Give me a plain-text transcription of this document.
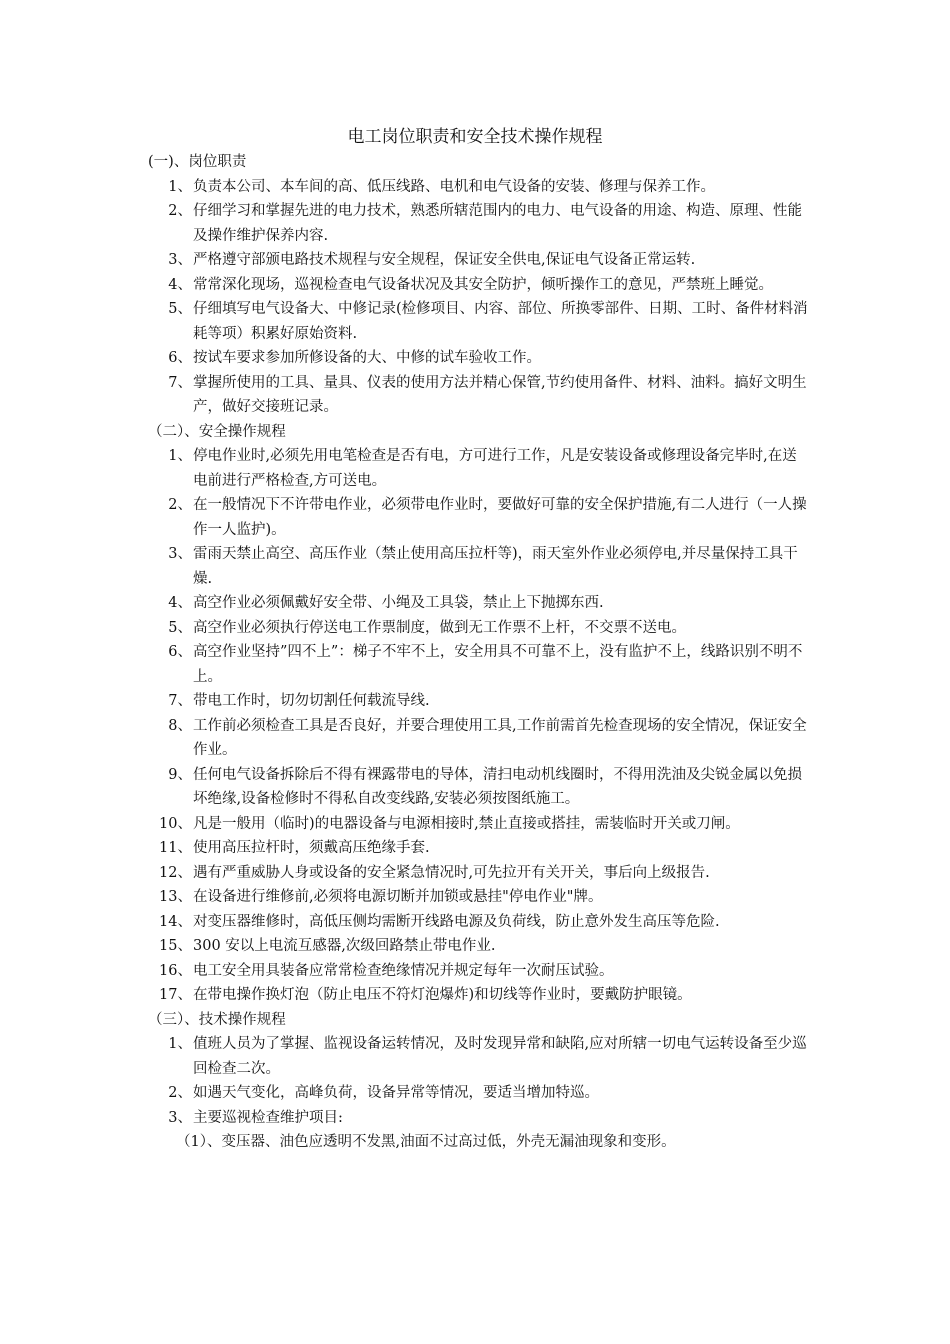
电工岗位职责和安全技术操作规程
(一)、岗位职责
1、 负责本公司、本车间的高、低压线路、电机和电气设备的安装、修理与保养工作。
2、 仔细学习和掌握先进的电力技术，熟悉所辖范围内的电力、电气设备的用途、构造、原理、性能及操作维护保养内容.
3、 严格遵守部颁电路技术规程与安全规程，保证安全供电,保证电气设备正常运转.
4、 常常深化现场，巡视检查电气设备状况及其安全防护，倾听操作工的意见，严禁班上睡觉。
5、 仔细填写电气设备大、中修记录(检修项目、内容、部位、所换零部件、日期、工时、备件材料消耗等项）积累好原始资料.
6、 按试车要求参加所修设备的大、中修的试车验收工作。
7、 掌握所使用的工具、量具、仪表的使用方法并精心保管,节约使用备件、材料、油料。搞好文明生产，做好交接班记录。
（二）、安全操作规程
1、 停电作业时,必须先用电笔检查是否有电，方可进行工作，凡是安装设备或修理设备完毕时,在送电前进行严格检查,方可送电。
2、 在一般情况下不许带电作业，必须带电作业时，要做好可靠的安全保护措施,有二人进行（一人操作一人监护)。
3、 雷雨天禁止高空、高压作业（禁止使用高压拉杆等)，雨天室外作业必须停电,并尽量保持工具干燥.
4、 高空作业必须佩戴好安全带、小绳及工具袋，禁止上下抛掷东西.
5、 高空作业必须执行停送电工作票制度，做到无工作票不上杆，不交票不送电。
6、 高空作业坚持”四不上”：梯子不牢不上，安全用具不可靠不上，没有监护不上，线路识别不明不上。
7、 带电工作时，切勿切割任何载流导线.
8、 工作前必须检查工具是否良好，并要合理使用工具,工作前需首先检查现场的安全情况，保证安全作业。
9、 任何电气设备拆除后不得有裸露带电的导体，清扫电动机线圈时，不得用洗油及尖锐金属以免损坏绝缘,设备检修时不得私自改变线路,安装必须按图纸施工。
10、 凡是一般用（临时)的电器设备与电源相接时,禁止直接或搭挂，需装临时开关或刀闸。
11、 使用高压拉杆时，须戴高压绝缘手套.
12、 遇有严重威胁人身或设备的安全紧急情况时,可先拉开有关开关，事后向上级报告.
13、 在设备进行维修前,必须将电源切断并加锁或悬挂"停电作业"牌。
14、 对变压器维修时，高低压侧均需断开线路电源及负荷线，防止意外发生高压等危险.
15、 300 安以上电流互感器,次级回路禁止带电作业.
16、 电工安全用具装备应常常检查绝缘情况并规定每年一次耐压试验。
17、 在带电操作换灯泡（防止电压不符灯泡爆炸)和切线等作业时，要戴防护眼镜。
（三）、技术操作规程
1、 值班人员为了掌握、监视设备运转情况，及时发现异常和缺陷,应对所辖一切电气运转设备至少巡回检查二次。
2、 如遇天气变化，高峰负荷，设备异常等情况，要适当增加特巡。
3、 主要巡视检查维护项目:
（1）、变压器、油色应透明不发黑,油面不过高过低，外壳无漏油现象和变形。
